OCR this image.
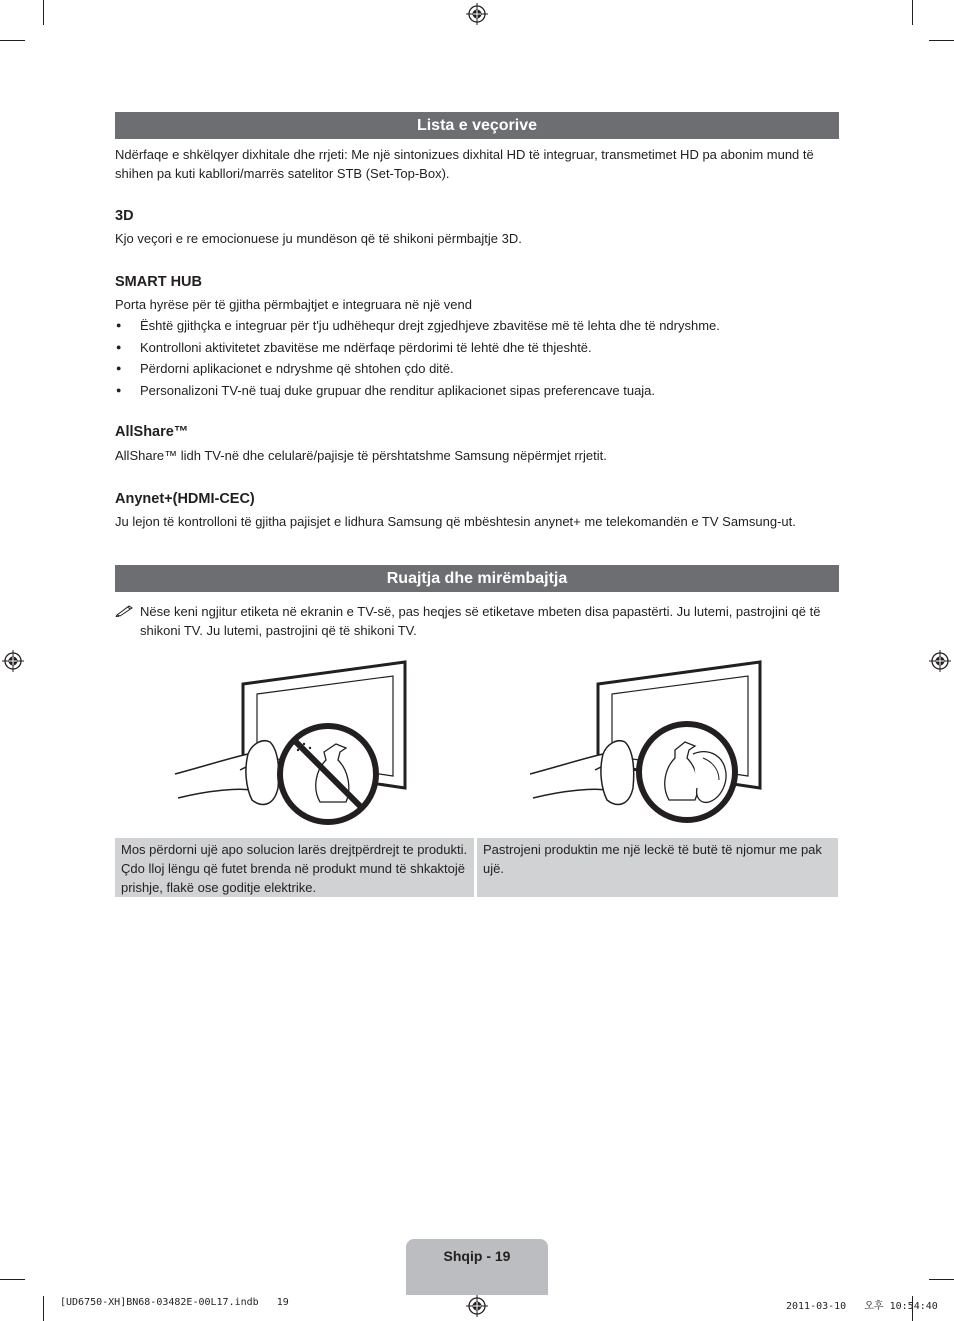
Lista e veçorive
Ndërfaqe e shkëlqyer dixhitale dhe rrjeti: Me një sintonizues dixhital HD të integruar, transmetimet HD pa abonim mund të
shihen pa kuti kabllori/marrës satelitor STB (Set-Top-Box).
3D
Kjo veçori e re emocionuese ju mundëson që të shikoni përmbajtje 3D.
SMART HUB
Porta hyrëse për të gjitha përmbajtjet e integruara në një vend
● Është gjithçka e integruar për t'ju udhëhequr drejt zgjedhjeve zbavitëse më të lehta dhe të ndryshme.
● Kontrolloni aktivitetet zbavitëse me ndërfaqe përdorimi të lehtë dhe të thjeshtë.
● Përdorni aplikacionet e ndryshme që shtohen çdo ditë.
● Personalizoni TV-në tuaj duke grupuar dhe renditur aplikacionet sipas preferencave tuaja.
AllShare™
AllShare™ lidh TV-në dhe celularë/pajisje të përshtatshme Samsung nëpërmjet rrjetit.
Anynet+(HDMI-CEC)
Ju lejon të kontrolloni të gjitha pajisjet e lidhura Samsung që mbështesin anynet+ me telekomandën e TV Samsung-ut.
Ruajtja dhe mirëmbajtja
Nëse keni ngjitur etiketa në ekranin e TV-së, pas heqjes së etiketave mbeten disa papastërti. Ju lutemi, pastrojini që të
shikoni TV. Ju lutemi, pastrojini që të shikoni TV.
Mos përdorni ujë apo solucion larës drejtpërdrejt te produkti.
Çdo lloj lëngu që futet brenda në produkt mund të shkaktojë
prishje, flakë ose goditje elektrike.
Pastrojeni produktin me një leckë të butë të njomur me pak
ujë.
Shqip - 19
[UD6750-XH]BN68-03482E-00L17.indb   19	2011-03-10   오후 10:54:40
